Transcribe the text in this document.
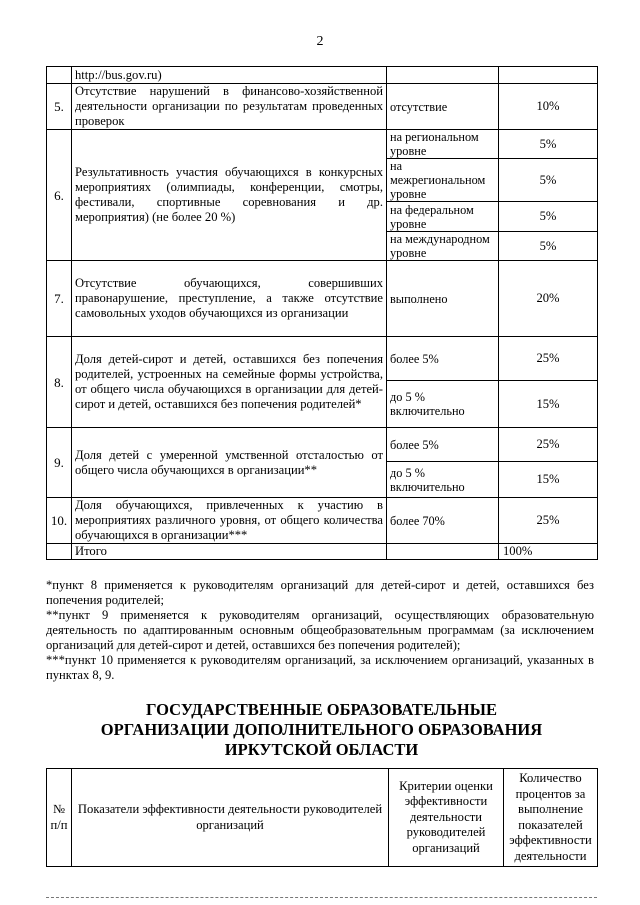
2
	http://bus.gov.ru)		
5.	Отсутствие нарушений в финансово-хозяйственной деятельности организации по результатам проведенных проверок	отсутствие	10%
6.	Результативность участия обучающихся в конкурсных мероприятиях (олимпиады, конференции, смотры, фестивали, спортивные соревнования и др. мероприятия) (не более 20 %)	на региональном уровне	5%
		на межрегиональном уровне	5%
		на федеральном уровне	5%
		на международном уровне	5%
7.	Отсутствие обучающихся, совершивших правонарушение, преступление, а также отсутствие самовольных уходов обучающихся из организации	выполнено	20%
8.	Доля детей-сирот и детей, оставшихся без попечения родителей, устроенных на семейные формы устройства, от общего числа обучающихся в организации для детей-сирот и детей, оставшихся без попечения родителей*	более 5%	25%
		до 5 % включительно	15%
9.	Доля детей с умеренной умственной отсталостью от общего числа обучающихся в организации**	более 5%	25%
		до 5 % включительно	15%
10.	Доля обучающихся, привлеченных к участию в мероприятиях различного уровня, от общего количества обучающихся в организации***	более 70%	25%
	Итого		100%

*пункт 8 применяется к руководителям организаций для детей-сирот и детей, оставшихся без попечения родителей;

**пункт 9 применяется к руководителям организаций, осуществляющих образовательную деятельность по адаптированным основным общеобразовательным программам (за исключением организаций для детей-сирот и детей, оставшихся без попечения родителей);

***пункт 10 применяется к руководителям организаций, за исключением организаций, указанных в пунктах 8, 9.

ГОСУДАРСТВЕННЫЕ ОБРАЗОВАТЕЛЬНЫЕ
ОРГАНИЗАЦИИ ДОПОЛНИТЕЛЬНОГО ОБРАЗОВАНИЯ
ИРКУТСКОЙ ОБЛАСТИ
№ п/п	Показатели эффективности деятельности руководителей организаций	Критерии оценки эффективности деятельности руководителей организаций	Количество процентов за выполнение показателей эффективности деятельности
